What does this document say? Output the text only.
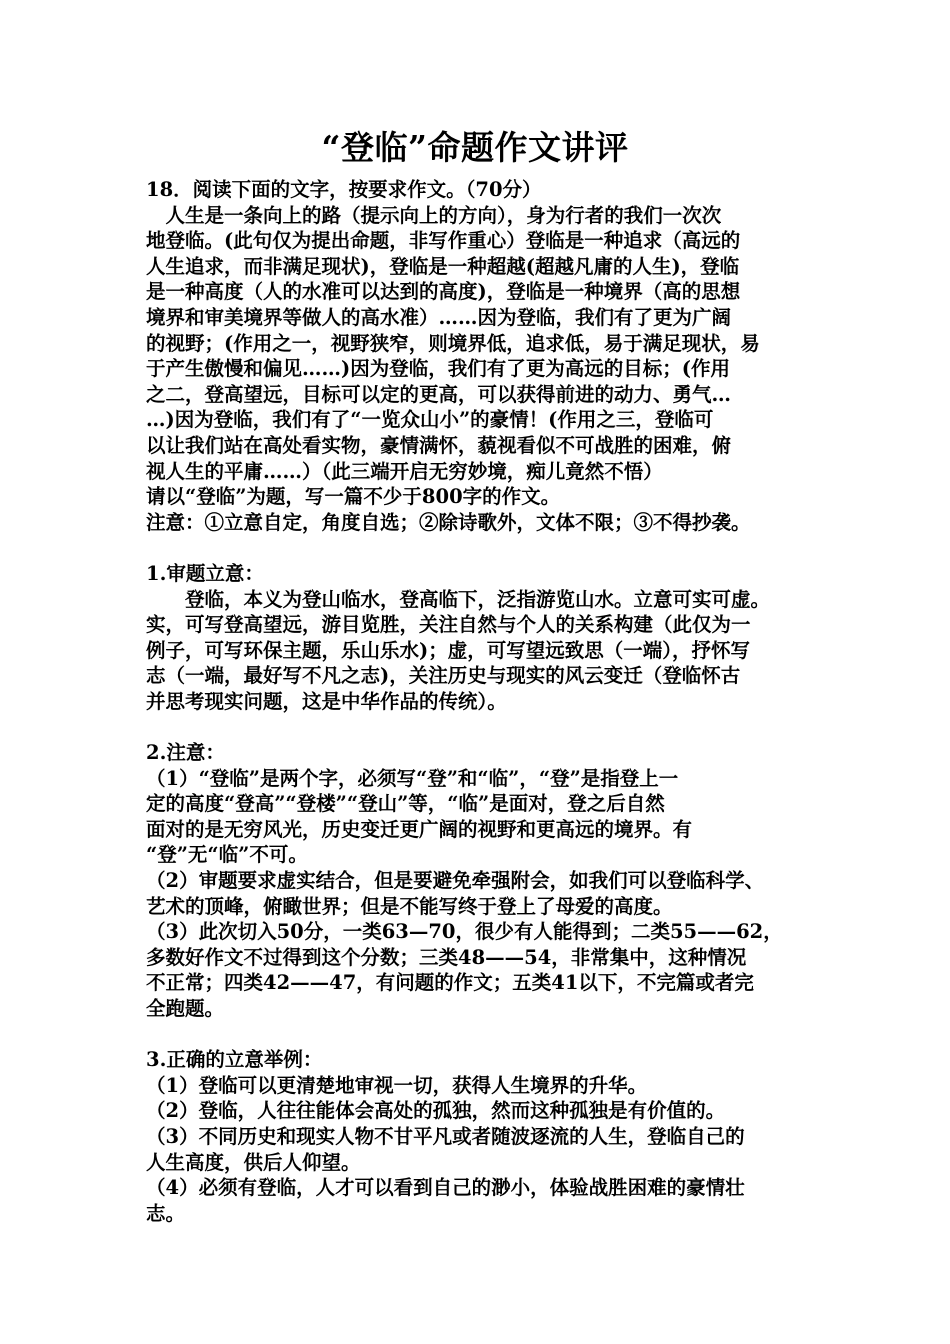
“登临”命题作文讲评
18．阅读下面的文字，按要求作文。（70分）
　人生是一条向上的路（提示向上的方向），身为行者的我们一次次
地登临。(此句仅为提出命题，非写作重心）登临是一种追求（高远的
人生追求，而非满足现状)，登临是一种超越(超越凡庸的人生)，登临
是一种高度（人的水准可以达到的高度)，登临是一种境界（高的思想
境界和审美境界等做人的高水准）……因为登临，我们有了更为广阔
的视野；(作用之一，视野狭窄，则境界低，追求低，易于满足现状，易
于产生傲慢和偏见……)因为登临，我们有了更为高远的目标；(作用
之二，登高望远，目标可以定的更高，可以获得前进的动力、勇气…
…)因为登临，我们有了“一览众山小”的豪情！(作用之三，登临可
以让我们站在高处看实物，豪情满怀，藐视看似不可战胜的困难，俯
视人生的平庸……）（此三端开启无穷妙境，痴儿竟然不悟）
请以“登临”为题，写一篇不少于800字的作文。
注意：①立意自定，角度自选；②除诗歌外，文体不限；③不得抄袭。
1.审题立意：
　　登临，本义为登山临水，登高临下，泛指游览山水。立意可实可虚。
实，可写登高望远，游目览胜，关注自然与个人的关系构建（此仅为一
例子，可写环保主题，乐山乐水)；虚，可写望远致思（一端），抒怀写
志（一端，最好写不凡之志)，关注历史与现实的风云变迁（登临怀古
并思考现实问题，这是中华作品的传统）。
2.注意：
（1）“登临”是两个字，必须写“登”和“临”，“登”是指登上一
定的高度“登高”“登楼”“登山”等，“临”是面对，登之后自然
面对的是无穷风光，历史变迁更广阔的视野和更高远的境界。有
“登”无“临”不可。
（2）审题要求虚实结合，但是要避免牵强附会，如我们可以登临科学、
艺术的顶峰，俯瞰世界；但是不能写终于登上了母爱的高度。
（3）此次切入50分，一类63—70，很少有人能得到；二类55——62，
多数好作文不过得到这个分数；三类48——54，非常集中，这种情况
不正常；四类42——47，有问题的作文；五类41以下，不完篇或者完
全跑题。
3.正确的立意举例：
（1）登临可以更清楚地审视一切，获得人生境界的升华。
（2）登临，人往往能体会高处的孤独，然而这种孤独是有价值的。
（3）不同历史和现实人物不甘平凡或者随波逐流的人生，登临自己的
人生高度，供后人仰望。
（4）必须有登临，人才可以看到自己的渺小，体验战胜困难的豪情壮
志。
